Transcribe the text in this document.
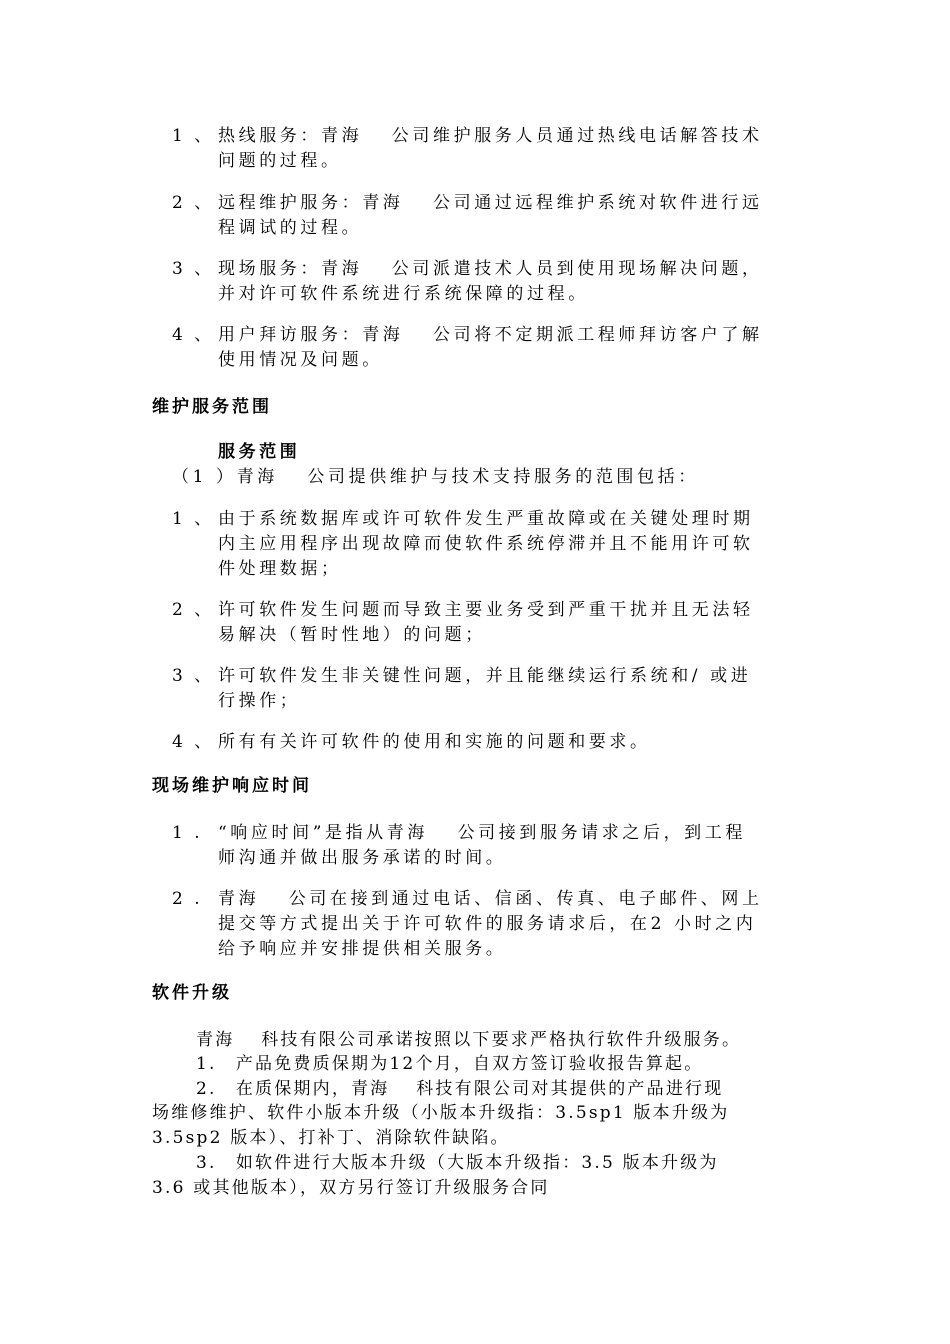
1 、 热线服务：青海　 公司维护服务人员通过热线电话解答技术
问题的过程。
2 、 远程维护服务：青海　 公司通过远程维护系统对软件进行远
程调试的过程。
3 、 现场服务：青海　 公司派遣技术人员到使用现场解决问题，
并对许可软件系统进行系统保障的过程。
4 、 用户拜访服务：青海　 公司将不定期派工程师拜访客户了解
使用情况及问题。
维护服务范围
服务范围
（1 ）青海　 公司提供维护与技术支持服务的范围包括：
1 、 由于系统数据库或许可软件发生严重故障或在关键处理时期
内主应用程序出现故障而使软件系统停滞并且不能用许可软
件处理数据；
2 、 许可软件发生问题而导致主要业务受到严重干扰并且无法轻
易解决（暂时性地）的问题；
3 、 许可软件发生非关键性问题，并且能继续运行系统和/ 或进
行操作；
4 、 所有有关许可软件的使用和实施的问题和要求。
现场维护响应时间
1 . “响应时间”是指从青海　 公司接到服务请求之后，到工程
师沟通并做出服务承诺的时间。
2 . 青海　 公司在接到通过电话、信函、传真、电子邮件、网上
提交等方式提出关于许可软件的服务请求后，在2 小时之内
给予响应并安排提供相关服务。
软件升级
青海　 科技有限公司承诺按照以下要求严格执行软件升级服务。
1.　产品免费质保期为12个月，自双方签订验收报告算起。
2.　在质保期内，青海　 科技有限公司对其提供的产品进行现
场维修维护、软件小版本升级（小版本升级指：3.5sp1 版本升级为
3.5sp2 版本）、打补丁、消除软件缺陷。
3.　如软件进行大版本升级（大版本升级指：3.5 版本升级为
3.6 或其他版本），双方另行签订升级服务合同
